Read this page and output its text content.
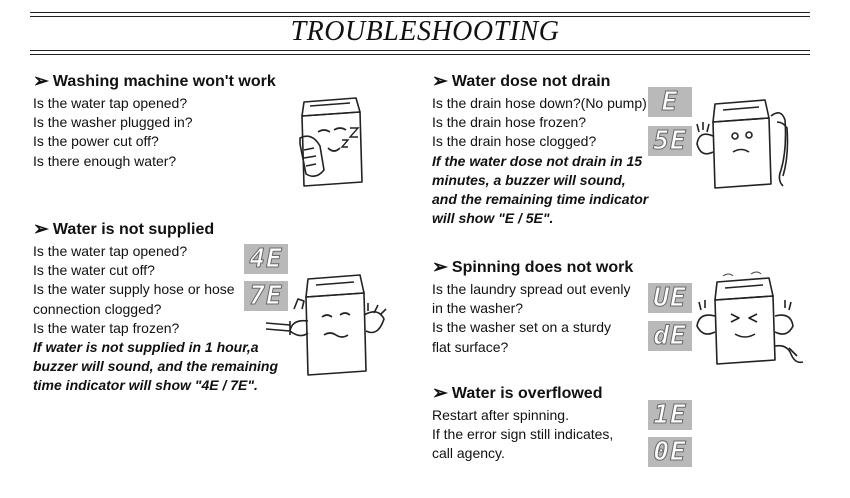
TROUBLESHOOTING
➢ Washing machine won't work

Is the water tap opened?

Is the washer plugged in?

Is the power cut off?

Is there enough water?

➢ Water is not supplied

Is the water tap opened?

Is the water cut off?

Is the water supply hose or hose

connection clogged?

Is the water tap frozen?

If water is not supplied in 1 hour,a

buzzer will sound, and the remaining

time indicator will show "4E / 7E".

4E
7E
➢ Water dose not drain

Is the drain hose down?(No pump)

Is the drain hose frozen?

Is the drain hose clogged?

If the water dose not drain in 15

minutes, a buzzer will sound,

and the remaining time indicator

will show "E / 5E".

E
5E
➢ Spinning does not work

Is the laundry spread out evenly

in the washer?

Is the washer set on a sturdy

flat surface?

UE
dE
➢ Water is overflowed

Restart after spinning.

If the error sign still indicates,

call agency.

1E
0E
